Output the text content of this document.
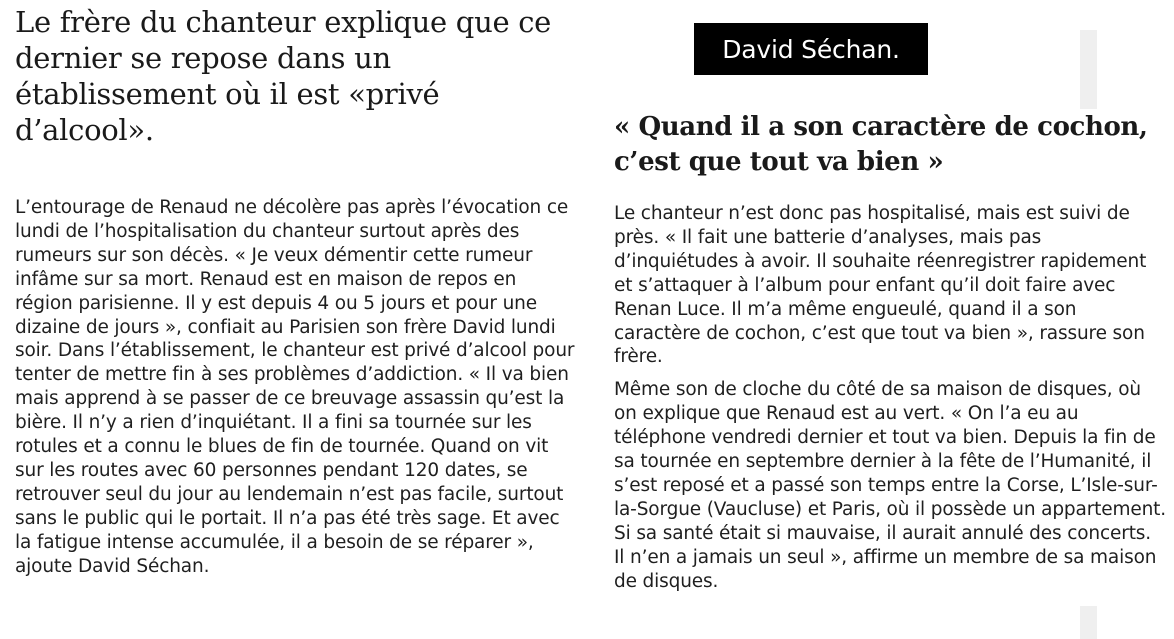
Le frère du chanteur explique que ce dernier se repose dans un établissement où il est «privé d’alcool».

L’entourage de Renaud ne décolère pas après l’évocation ce lundi de l’hospitalisation du chanteur surtout après des rumeurs sur son décès. « Je veux démentir cette rumeur infâme sur sa mort. Renaud est en maison de repos en région parisienne. Il y est depuis 4 ou 5 jours et pour une dizaine de jours », confiait au Parisien son frère David lundi soir. Dans l’établissement, le chanteur est privé d’alcool pour tenter de mettre fin à ses problèmes d’addiction. « Il va bien mais apprend à se passer de ce breuvage assassin qu’est la bière. Il n’y a rien d’inquiétant. Il a fini sa tournée sur les rotules et a connu le blues de fin de tournée. Quand on vit sur les routes avec 60 personnes pendant 120 dates, se retrouver seul du jour au lendemain n’est pas facile, surtout sans le public qui le portait. Il n’a pas été très sage. Et avec la fatigue intense accumulée, il a besoin de se réparer », ajoute David Séchan.

David Séchan.
« Quand il a son caractère de cochon, c’est que tout va bien »

Le chanteur n’est donc pas hospitalisé, mais est suivi de près. « Il fait une batterie d’analyses, mais pas d’inquiétudes à avoir. Il souhaite réenregistrer rapidement et s’attaquer à l’album pour enfant qu’il doit faire avec Renan Luce. Il m’a même engueulé, quand il a son caractère de cochon, c’est que tout va bien », rassure son frère.

Même son de cloche du côté de sa maison de disques, où on explique que Renaud est au vert. « On l’a eu au téléphone vendredi dernier et tout va bien. Depuis la fin de sa tournée en septembre dernier à la fête de l’Humanité, il s’est reposé et a passé son temps entre la Corse, L’Isle-sur-la-Sorgue (Vaucluse) et Paris, où il possède un appartement. Si sa santé était si mauvaise, il aurait annulé des concerts. Il n’en a jamais un seul », affirme un membre de sa maison de disques.
